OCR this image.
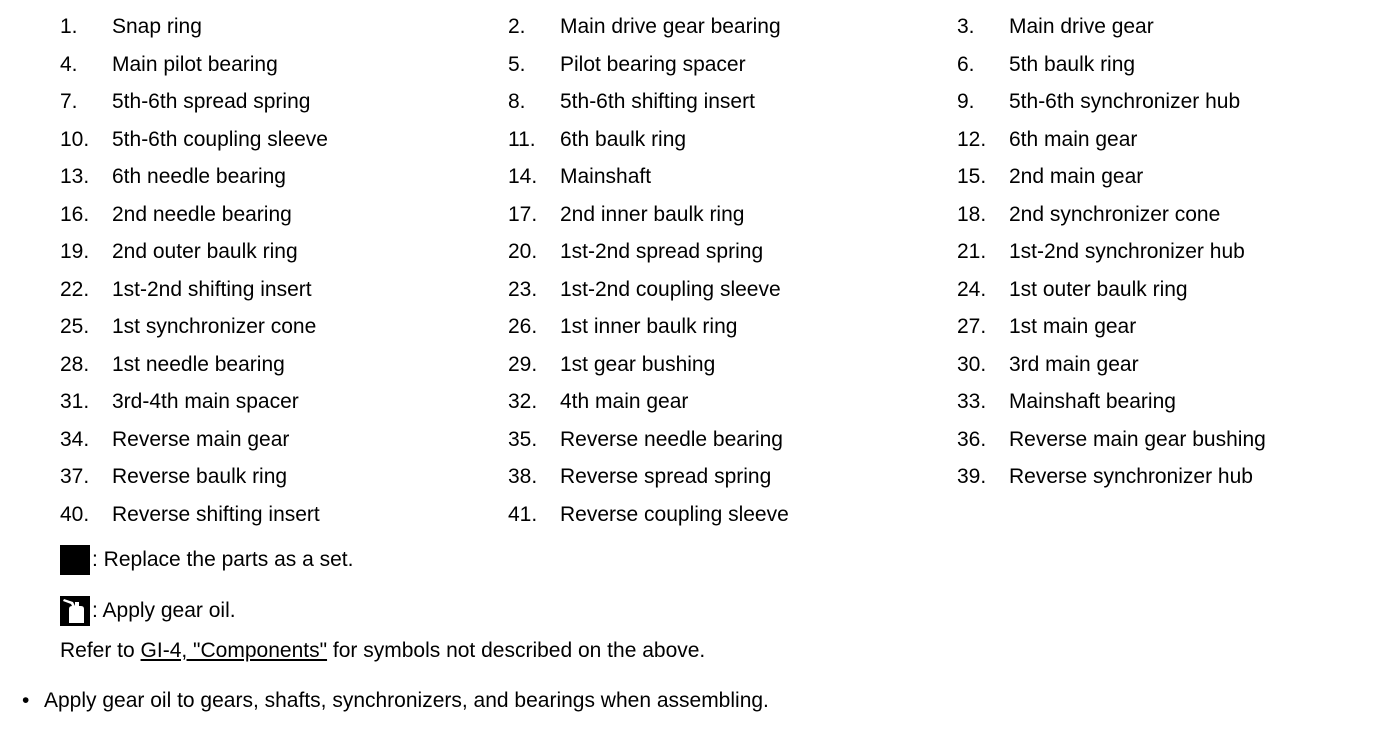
1. Snap ring	2. Main drive gear bearing	3. Main drive gear
4. Main pilot bearing	5. Pilot bearing spacer	6. 5th baulk ring
7. 5th-6th spread spring	8. 5th-6th shifting insert	9. 5th-6th synchronizer hub
10. 5th-6th coupling sleeve	11. 6th baulk ring	12. 6th main gear
13. 6th needle bearing	14. Mainshaft	15. 2nd main gear
16. 2nd needle bearing	17. 2nd inner baulk ring	18. 2nd synchronizer cone
19. 2nd outer baulk ring	20. 1st-2nd spread spring	21. 1st-2nd synchronizer hub
22. 1st-2nd shifting insert	23. 1st-2nd coupling sleeve	24. 1st outer baulk ring
25. 1st synchronizer cone	26. 1st inner baulk ring	27. 1st main gear
28. 1st needle bearing	29. 1st gear bushing	30. 3rd main gear
31. 3rd-4th main spacer	32. 4th main gear	33. Mainshaft bearing
34. Reverse main gear	35. Reverse needle bearing	36. Reverse main gear bushing
37. Reverse baulk ring	38. Reverse spread spring	39. Reverse synchronizer hub
40. Reverse shifting insert	41. Reverse coupling sleeve
: Replace the parts as a set.
: Apply gear oil.
Refer to GI-4, "Components" for symbols not described on the above.
• Apply gear oil to gears, shafts, synchronizers, and bearings when assembling.
